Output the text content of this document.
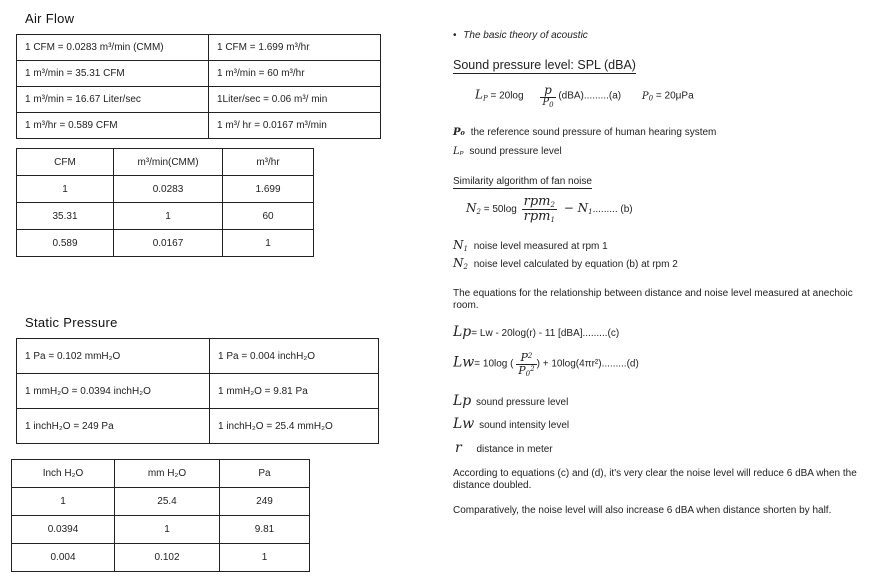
Air Flow
1 CFM = 0.0283 m³/min (CMM)	1 CFM = 1.699 m³/hr
1 m³/min = 35.31 CFM	1 m³/min = 60 m³/hr
1 m³/min = 16.67 Liter/sec	1Liter/sec = 0.06 m³/ min
1 m³/hr = 0.589 CFM	1 m³/ hr = 0.0167 m³/min
CFM	m³/min(CMM)	m³/hr
1	0.0283	1.699
35.31	1	60
0.589	0.0167	1
Static Pressure
1 Pa = 0.102 mmH₂O	1 Pa = 0.004 inchH₂O
1 mmH₂O = 0.0394 inchH₂O	1 mmH₂O = 9.81 Pa
1 inchH₂O = 249 Pa	1 inchH₂O = 25.4 mmH₂O
Inch H₂O	mm H₂O	Pa
1	25.4	249
0.0394	1	9.81
0.004	0.102	1
• The basic theory of acoustic
Sound pressure level: SPL (dBA)
$L_P = 20\log \frac{p}{P_0} (dBA).........(a) P_0 = 20\mu Pa$
P₀ the reference sound pressure of human hearing system
Lₚ sound pressure level
Similarity algorithm of fan noise
$N_2 = 50\log \frac{rpm_2}{rpm_1} - N_1$......... (b)
$N_1$ noise level measured at rpm 1
$N_2$ noise level calculated by equation (b) at rpm 2
The equations for the relationship between distance and noise level measured at anechoic room.
Lp= Lw - 20log(r) - 11 [dBA].........(c)
Lw= 10log ( $\frac{P^2}{P_0^2}$ ) + 10log(4πr²).........(d)
Lp sound pressure level
Lw sound intensity level
r distance in meter
According to equations (c) and (d), it's very clear the noise level will reduce 6 dBA when the distance doubled.
Comparatively, the noise level will also increase 6 dBA when distance shorten by half.
